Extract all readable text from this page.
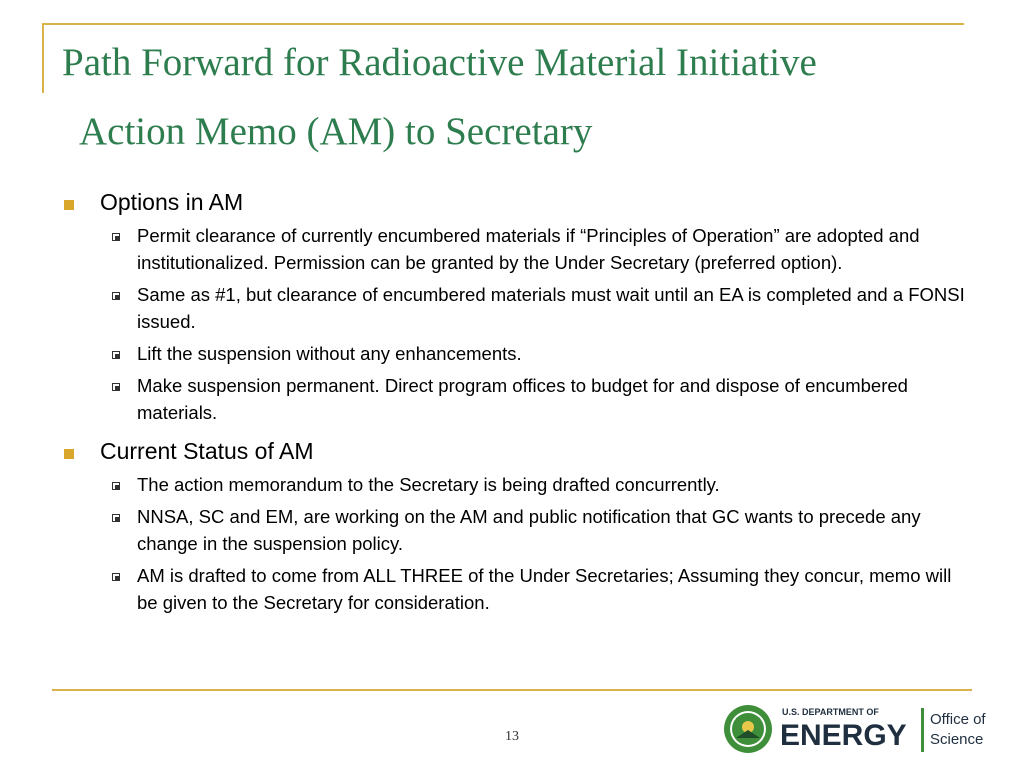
Path Forward for Radioactive Material Initiative
Action Memo (AM) to Secretary
Options in AM
Permit clearance of currently encumbered materials if “Principles of Operation” are adopted and institutionalized. Permission can be granted by the Under Secretary (preferred option).
Same as #1, but clearance of encumbered materials must wait until an EA is completed and a FONSI issued.
Lift the suspension without any enhancements.
Make suspension permanent. Direct program offices to budget for and dispose of encumbered materials.
Current Status of AM
The action memorandum to the Secretary is being drafted concurrently.
NNSA, SC and EM, are working on the AM and public notification that GC wants to precede any change in the suspension policy.
AM is drafted to come from ALL THREE of the Under Secretaries; Assuming they concur, memo will be given to the Secretary for consideration.
13
U.S. DEPARTMENT OF
ENERGY Office of
Science
